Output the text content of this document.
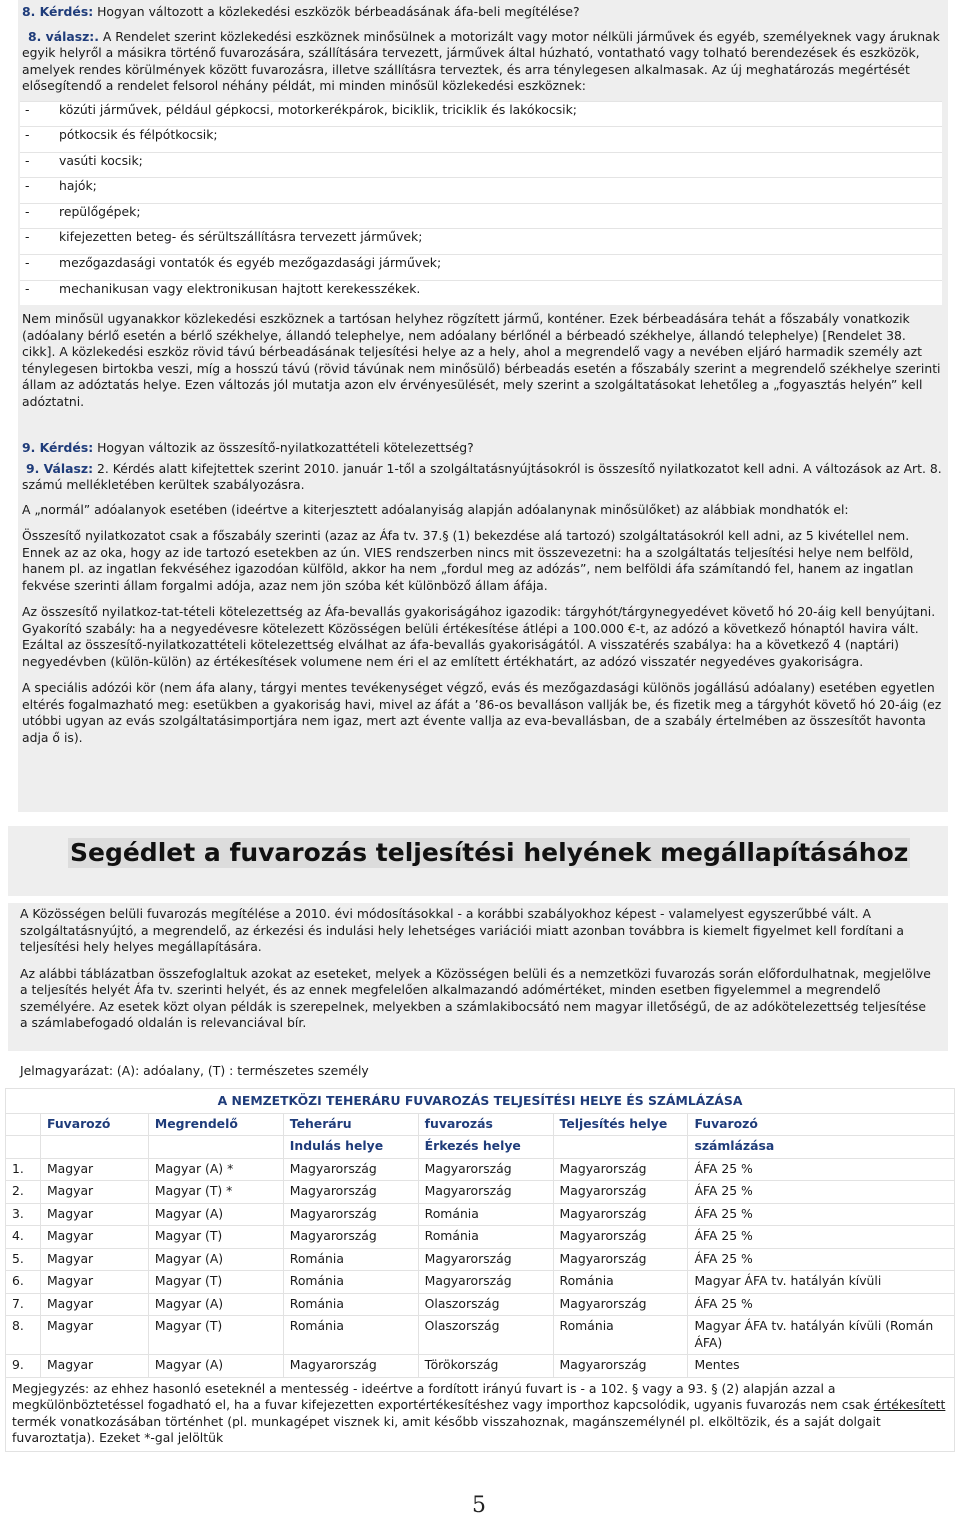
8. Kérdés: Hogyan változott a közlekedési eszközök bérbeadásának áfa-beli megítélése?

8. válasz:. A Rendelet szerint közlekedési eszköznek minősülnek a motorizált vagy motor nélküli járművek és egyéb, személyeknek vagy áruknak egyik helyről a másikra történő fuvarozására, szállítására tervezett, járművek által húzható, vontatható vagy tolható berendezések és eszközök, amelyek rendes körülmények között fuvarozásra, illetve szállításra terveztek, és arra ténylegesen alkalmasak. Az új meghatározás megértését elősegítendő a rendelet felsorol néhány példát, mi minden minősül közlekedési eszköznek:

- közúti járművek, például gépkocsi, motorkerékpárok, biciklik, triciklik és lakókocsik;
- pótkocsik és félpótkocsik;
- vasúti kocsik;
- hajók;
- repülőgépek;
- kifejezetten beteg- és sérültszállításra tervezett járművek;
- mezőgazdasági vontatók és egyéb mezőgazdasági járművek;
- mechanikusan vagy elektronikusan hajtott kerekesszékek.

Nem minősül ugyanakkor közlekedési eszköznek a tartósan helyhez rögzített jármű, konténer. Ezek bérbeadására tehát a főszabály vonatkozik (adóalany bérlő esetén a bérlő székhelye, állandó telephelye, nem adóalany bérlőnél a bérbeadó székhelye, állandó telephelye) [Rendelet 38. cikk]. A közlekedési eszköz rövid távú bérbeadásának teljesítési helye az a hely, ahol a megrendelő vagy a nevében eljáró harmadik személy azt ténylegesen birtokba veszi, míg a hosszú távú (rövid távúnak nem minősülő) bérbeadás esetén a főszabály szerint a megrendelő székhelye szerinti állam az adóztatás helye. Ezen változás jól mutatja azon elv érvényesülését, mely szerint a szolgáltatásokat lehetőleg a „fogyasztás helyén” kell adóztatni.

9. Kérdés: Hogyan változik az összesítő-nyilatkozattételi kötelezettség?

9. Válasz: 2. Kérdés alatt kifejtettek szerint 2010. január 1-től a szolgáltatásnyújtásokról is összesítő nyilatkozatot kell adni. A változások az Art. 8. számú mellékletében kerültek szabályozásra.

A „normál” adóalanyok esetében (ideértve a kiterjesztett adóalanyiság alapján adóalanynak minősülőket) az alábbiak mondhatók el:

Összesítő nyilatkozatot csak a főszabály szerinti (azaz az Áfa tv. 37.§ (1) bekezdése alá tartozó) szolgáltatásokról kell adni, az 5 kivétellel nem. Ennek az az oka, hogy az ide tartozó esetekben az ún. VIES rendszerben nincs mit összevezetni: ha a szolgáltatás teljesítési helye nem belföld, hanem pl. az ingatlan fekvéséhez igazodóan külföld, akkor ha nem „fordul meg az adózás”, nem belföldi áfa számítandó fel, hanem az ingatlan fekvése szerinti állam forgalmi adója, azaz nem jön szóba két különböző állam áfája.

Az összesítő nyilatkoz-tat-tételi kötelezettség az Áfa-bevallás gyakoriságához igazodik: tárgyhót/tárgynegyedévet követő hó 20-áig kell benyújtani. Gyakorító szabály: ha a negyedévesre kötelezett Közösségen belüli értékesítése átlépi a 100.000 €-t, az adózó a következő hónaptól havira vált. Ezáltal az összesítő-nyilatkozattételi kötelezettség elválhat az áfa-bevallás gyakoriságától. A visszatérés szabálya: ha a következő 4 (naptári) negyedévben (külön-külön) az értékesítések volumene nem éri el az említett értékhatárt, az adózó visszatér negyedéves gyakoriságra.

A speciális adózói kör (nem áfa alany, tárgyi mentes tevékenységet végző, evás és mezőgazdasági különös jogállású adóalany) esetében egyetlen eltérés fogalmazható meg: esetükben a gyakoriság havi, mivel az áfát a ’86-os bevalláson vallják be, és fizetik meg a tárgyhót követő hó 20-áig (ez utóbbi ugyan az evás szolgáltatásimportjára nem igaz, mert azt évente vallja az eva-bevallásban, de a szabály értelmében az összesítőt havonta adja ő is).

Segédlet a fuvarozás teljesítési helyének megállapításához

A Közösségen belüli fuvarozás megítélése a 2010. évi módosításokkal - a korábbi szabályokhoz képest - valamelyest egyszerűbbé vált. A szolgáltatásnyújtó, a megrendelő, az érkezési és indulási hely lehetséges variációi miatt azonban továbbra is kiemelt figyelmet kell fordítani a teljesítési hely helyes megállapítására.

Az alábbi táblázatban összefoglaltuk azokat az eseteket, melyek a Közösségen belüli és a nemzetközi fuvarozás során előfordulhatnak, megjelölve a teljesítés helyét Áfa tv. szerinti helyét, és az ennek megfelelően alkalmazandó adómértéket, minden esetben figyelemmel a megrendelő személyére. Az esetek közt olyan példák is szerepelnek, melyekben a számlakibocsátó nem magyar illetőségű, de az adókötelezettség teljesítése a számlabefogadó oldalán is relevanciával bír.

Jelmagyarázat: (A): adóalany, (T) : természetes személy
A NEMZETKÖZI TEHERÁRU FUVAROZÁS TELJESÍTÉSI HELYE ÉS SZÁMLÁZÁSA						
	Fuvarozó	Megrendelő	Teheráru	fuvarozás	Teljesítés helye	Fuvarozó
			Indulás helye	Érkezés helye		számlázása
1.	Magyar	Magyar (A) *	Magyarország	Magyarország	Magyarország	ÁFA 25 %
2.	Magyar	Magyar (T) *	Magyarország	Magyarország	Magyarország	ÁFA 25 %
3.	Magyar	Magyar (A)	Magyarország	Románia	Magyarország	ÁFA 25 %
4.	Magyar	Magyar (T)	Magyarország	Románia	Magyarország	ÁFA 25 %
5.	Magyar	Magyar (A)	Románia	Magyarország	Magyarország	ÁFA 25 %
6.	Magyar	Magyar (T)	Románia	Magyarország	Románia	Magyar ÁFA tv. hatályán kívüli
7.	Magyar	Magyar (A)	Románia	Olaszország	Magyarország	ÁFA 25 %
8.	Magyar	Magyar (T)	Románia	Olaszország	Románia	Magyar ÁFA tv. hatályán kívüli (Román ÁFA)
9.	Magyar	Magyar (A)	Magyarország	Törökország	Magyarország	Mentes
Megjegyzés: az ehhez hasonló eseteknél a mentesség - ideértve a fordított irányú fuvart is - a 102. § vagy a 93. § (2) alapján azzal a megkülönböztetéssel fogadható el, ha a fuvar kifejezetten exportértékesítéshez vagy importhoz kapcsolódik, ugyanis fuvarozás nem csak értékesített termék vonatkozásában történhet (pl. munkagépet visznek ki, amit később visszahoznak, magánszemélynél pl. elköltözik, és a saját dolgait fuvaroztatja). Ezeket *-gal jelöltük						
5
